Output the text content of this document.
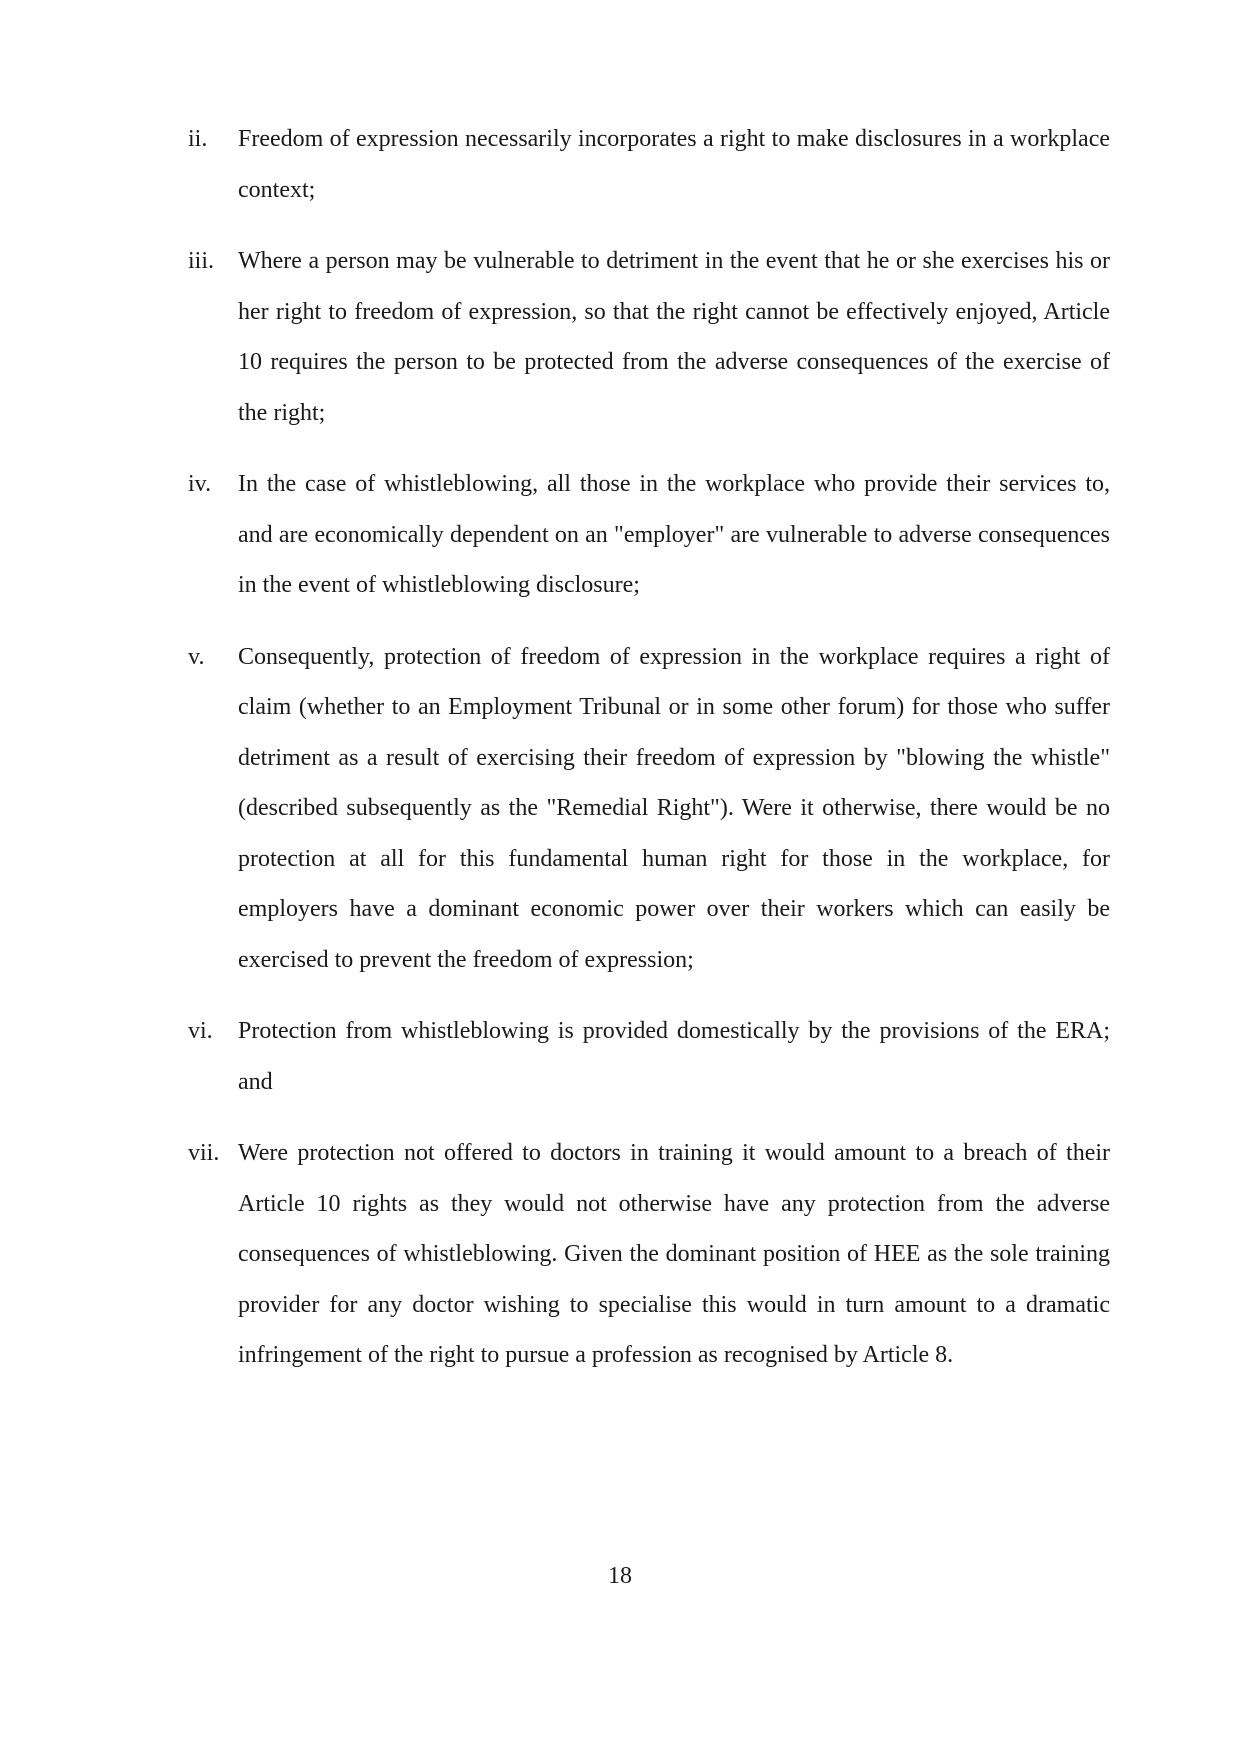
ii.	Freedom of expression necessarily incorporates a right to make disclosures in a workplace context;
iii. Where a person may be vulnerable to detriment in the event that he or she exercises his or her right to freedom of expression, so that the right cannot be effectively enjoyed, Article 10 requires the person to be protected from the adverse consequences of the exercise of the right;
iv.	In the case of whistleblowing, all those in the workplace who provide their services to, and are economically dependent on an "employer" are vulnerable to adverse consequences in the event of whistleblowing disclosure;
v.	Consequently, protection of freedom of expression in the workplace requires a right of claim (whether to an Employment Tribunal or in some other forum) for those who suffer detriment as a result of exercising their freedom of expression by "blowing the whistle" (described subsequently as the "Remedial Right"). Were it otherwise, there would be no protection at all for this fundamental human right for those in the workplace, for employers have a dominant economic power over their workers which can easily be exercised to prevent the freedom of expression;
vi.	Protection from whistleblowing is provided domestically by the provisions of the ERA; and
vii. Were protection not offered to doctors in training it would amount to a breach of their Article 10 rights as they would not otherwise have any protection from the adverse consequences of whistleblowing. Given the dominant position of HEE as the sole training provider for any doctor wishing to specialise this would in turn amount to a dramatic infringement of the right to pursue a profession as recognised by Article 8.
18
